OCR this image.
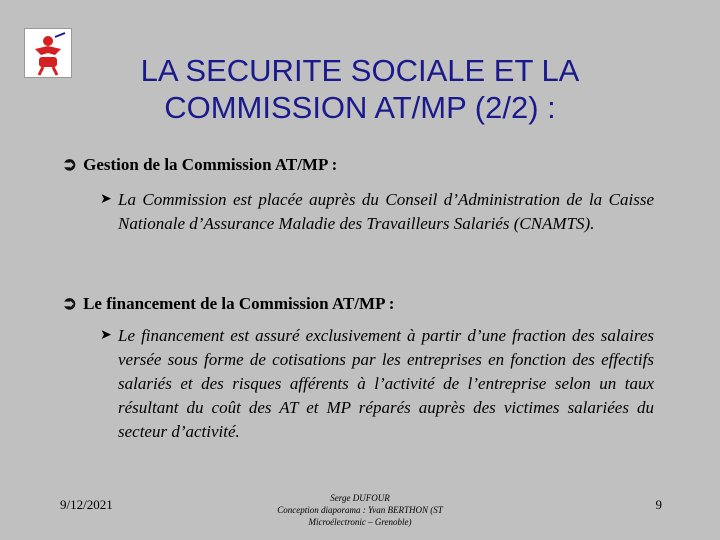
LA SECURITE SOCIALE ET LA
COMMISSION AT/MP (2/2) :
➲ Gestion de la Commission AT/MP :
➤ La Commission est placée auprès du Conseil d’Administration de la Caisse Nationale d’Assurance Maladie des Travailleurs Salariés (CNAMTS).
➲ Le financement de la Commission AT/MP :
➤ Le financement est assuré exclusivement à partir d’une fraction des salaires versée sous forme de cotisations par les entreprises en fonction des effectifs salariés et des risques afférents à l’activité de l’entreprise selon un taux résultant du coût des AT et MP réparés auprès des victimes salariées du secteur d’activité.
9/12/2021	Serge DUFOUR
Conception diaporama : Yvan BERTHON (ST
Microélectronic – Grenoble)
9
